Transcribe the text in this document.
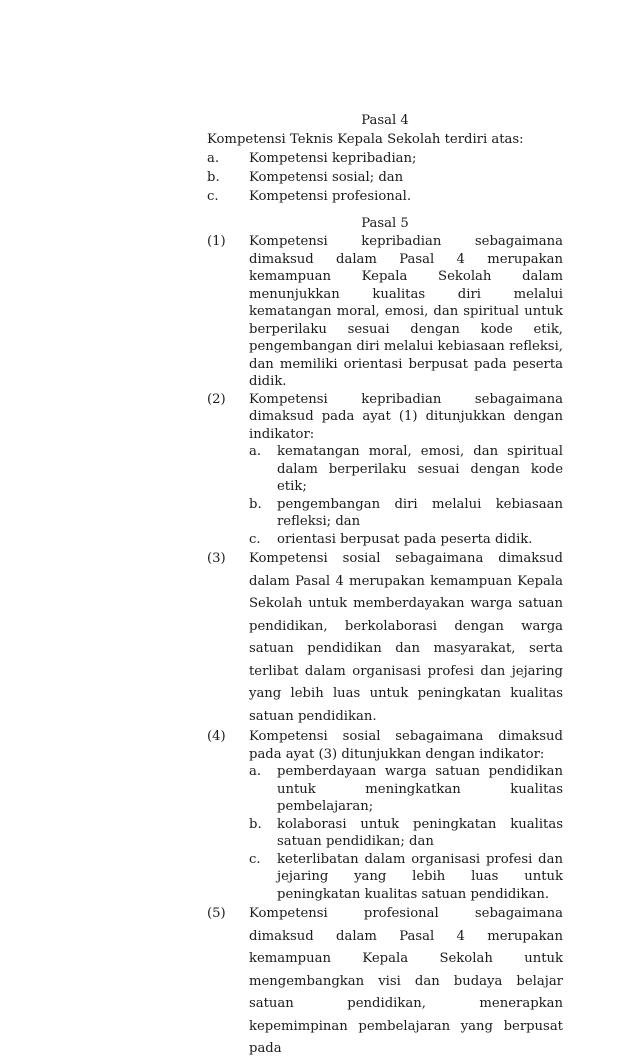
Pasal 4
Kompetensi Teknis Kepala Sekolah terdiri atas:
a.	Kompetensi kepribadian;
b.	Kompetensi sosial; dan
c.	Kompetensi profesional.
Pasal 5
(1)	Kompetensi kepribadian sebagaimana dimaksud dalam Pasal 4 merupakan kemampuan Kepala Sekolah dalam menunjukkan kualitas diri melalui kematangan moral, emosi, dan spiritual untuk berperilaku sesuai dengan kode etik, pengembangan diri melalui kebiasaan refleksi, dan memiliki orientasi berpusat pada peserta didik.
(2)	Kompetensi kepribadian sebagaimana dimaksud pada ayat (1) ditunjukkan dengan indikator:
a.	kematangan moral, emosi, dan spiritual dalam berperilaku sesuai dengan kode etik;
b.	pengembangan diri melalui kebiasaan refleksi; dan
c.	orientasi berpusat pada peserta didik.
(3)	Kompetensi sosial sebagaimana dimaksud dalam Pasal 4 merupakan kemampuan Kepala Sekolah untuk memberdayakan warga satuan pendidikan, berkolaborasi dengan warga satuan pendidikan dan masyarakat, serta terlibat dalam organisasi profesi dan jejaring yang lebih luas untuk peningkatan kualitas satuan pendidikan.
(4)	Kompetensi sosial sebagaimana dimaksud pada ayat (3) ditunjukkan dengan indikator:
a.	pemberdayaan warga satuan pendidikan untuk meningkatkan kualitas pembelajaran;
b.	kolaborasi untuk peningkatan kualitas satuan pendidikan; dan
c.	keterlibatan dalam organisasi profesi dan jejaring yang lebih luas untuk peningkatan kualitas satuan pendidikan.
(5)	Kompetensi profesional sebagaimana dimaksud dalam Pasal 4 merupakan kemampuan Kepala Sekolah untuk mengembangkan visi dan budaya belajar satuan pendidikan, menerapkan kepemimpinan pembelajaran yang berpusat pada
